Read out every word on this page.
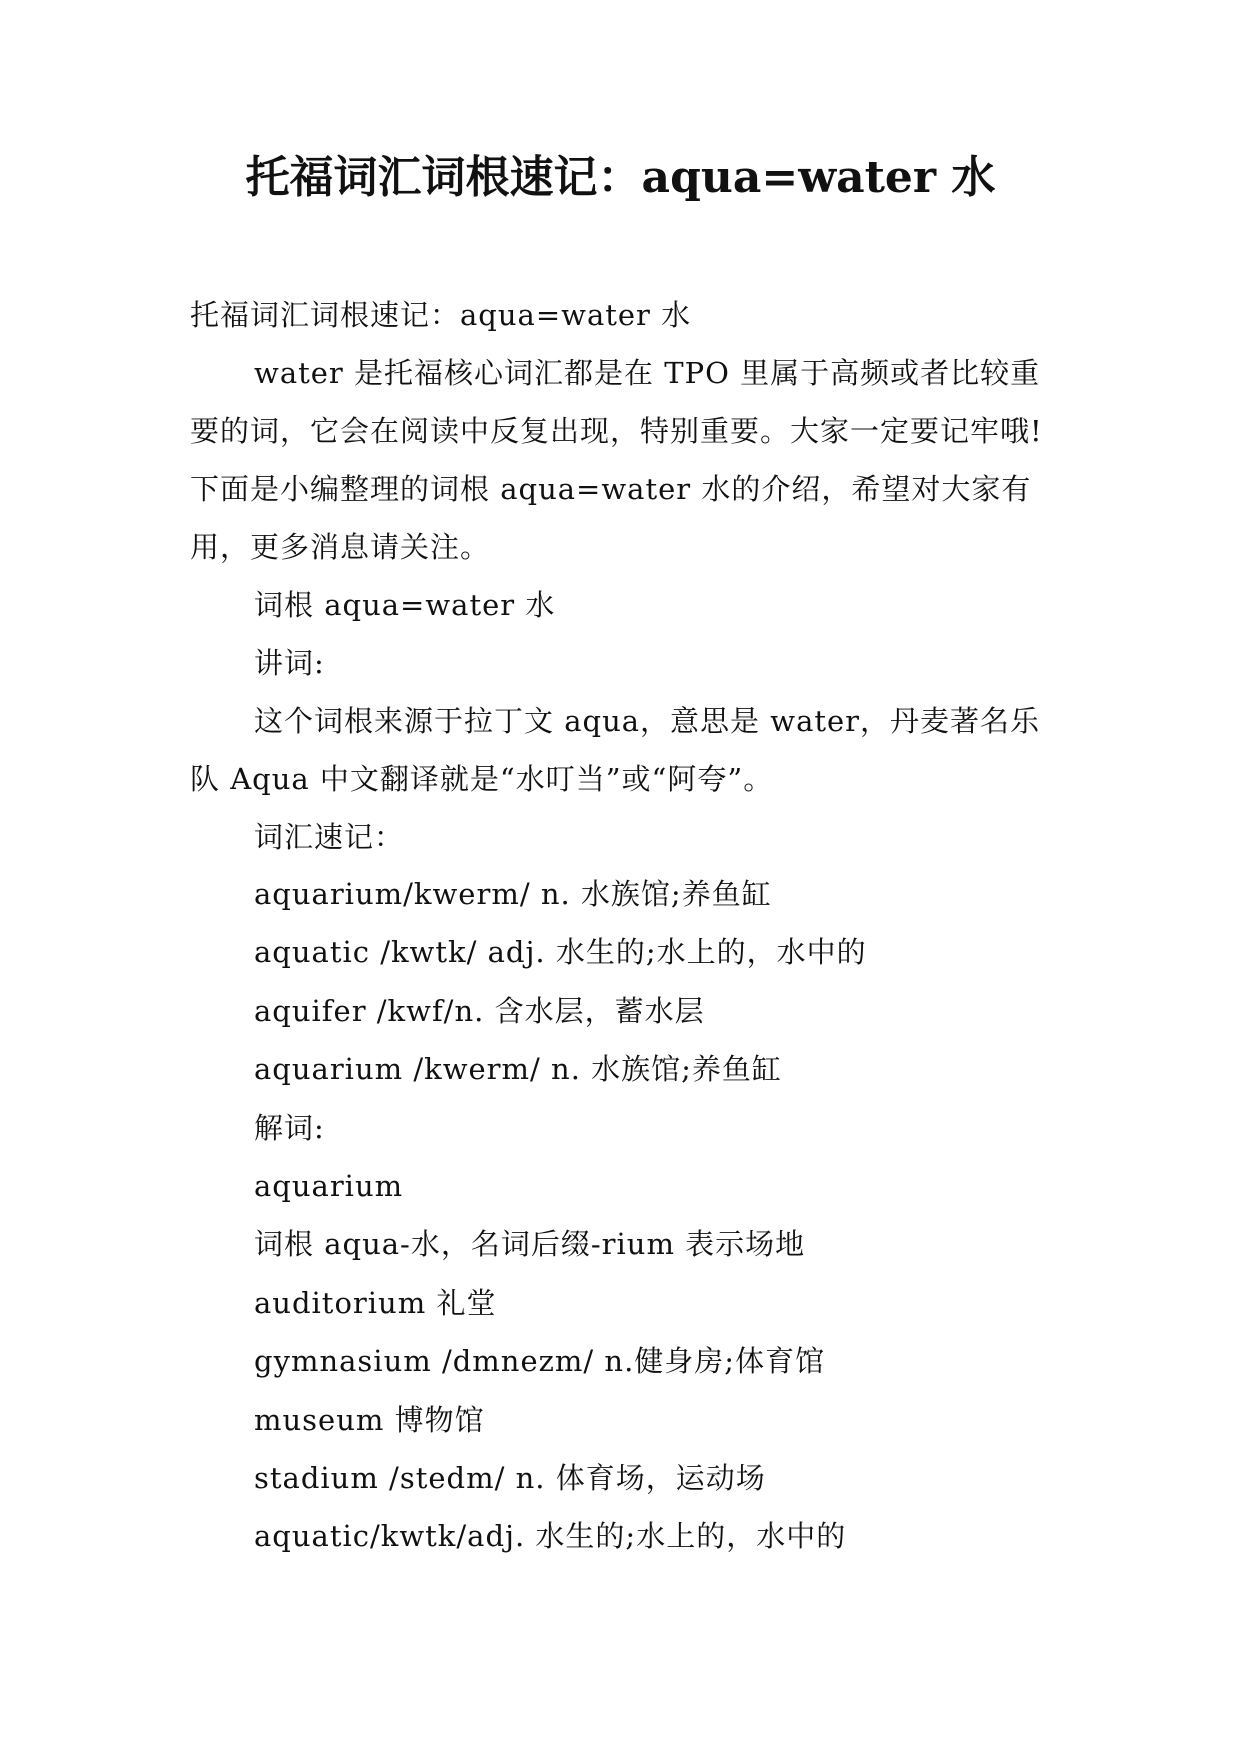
托福词汇词根速记：aqua=water 水

托福词汇词根速记：aqua=water 水

water 是托福核心词汇都是在 TPO 里属于高频或者比较重要的词，它会在阅读中反复出现，特别重要。大家一定要记牢哦!下面是小编整理的词根 aqua=water 水的介绍，希望对大家有用，更多消息请关注。

词根 aqua=water 水

讲词:

这个词根来源于拉丁文 aqua，意思是 water，丹麦著名乐队 Aqua 中文翻译就是“水叮当”或“阿夸”。

词汇速记：

aquarium/kwerm/ n. 水族馆;养鱼缸
aquatic /kwtk/ adj. 水生的;水上的，水中的
aquifer /kwf/n. 含水层，蓄水层
aquarium /kwerm/ n. 水族馆;养鱼缸
解词:
aquarium
词根 aqua-水，名词后缀-rium 表示场地
auditorium 礼堂
gymnasium /dmnezm/ n.健身房;体育馆
museum 博物馆
stadium /stedm/ n. 体育场，运动场
aquatic/kwtk/adj. 水生的;水上的，水中的
